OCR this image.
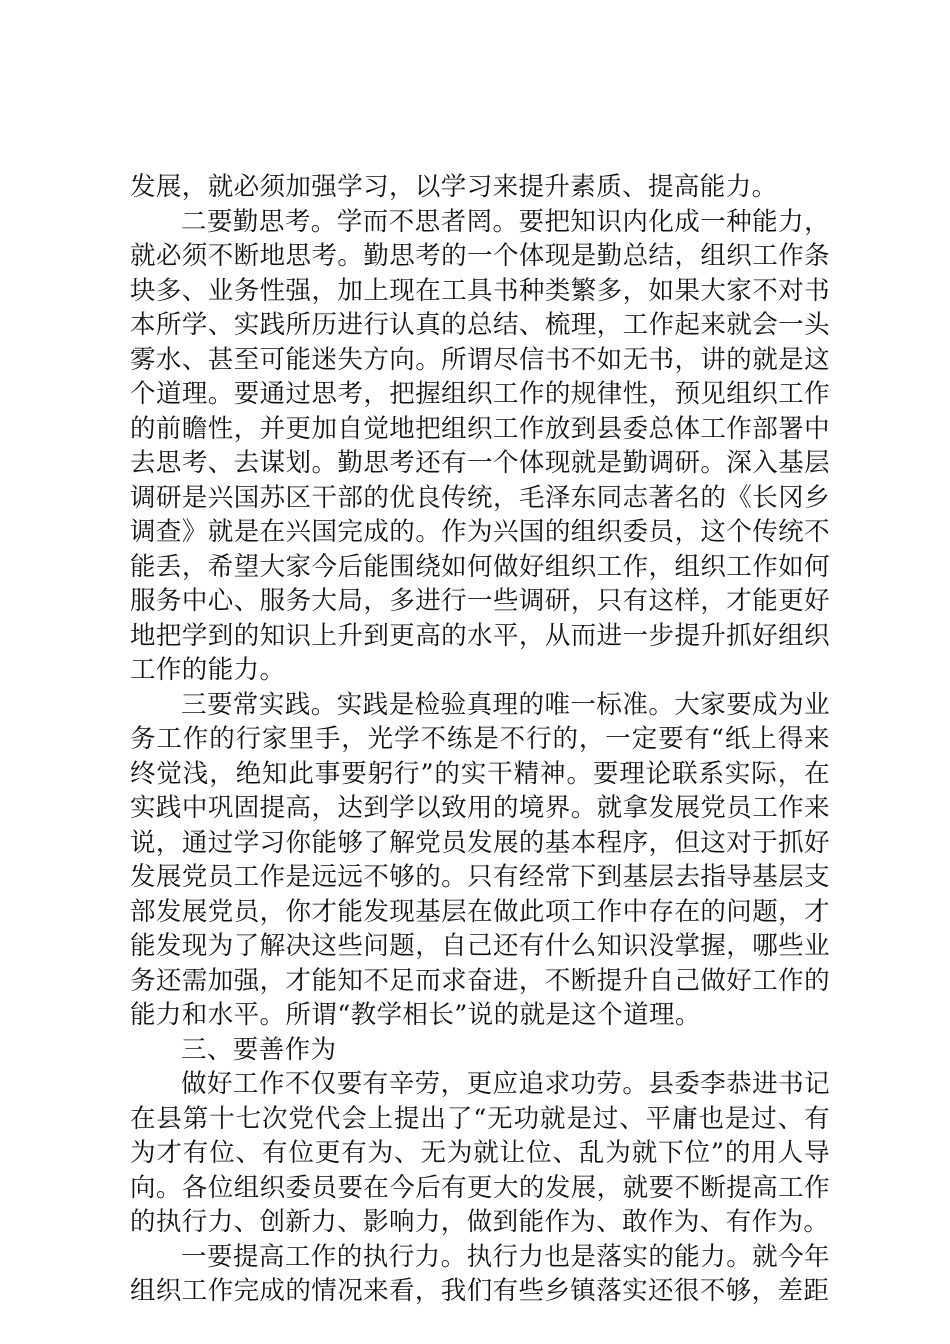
发展，就必须加强学习，以学习来提升素质、提高能力。

二要勤思考。学而不思者罔。要把知识内化成一种能力，就必须不断地思考。勤思考的一个体现是勤总结，组织工作条块多、业务性强，加上现在工具书种类繁多，如果大家不对书本所学、实践所历进行认真的总结、梳理，工作起来就会一头雾水、甚至可能迷失方向。所谓尽信书不如无书，讲的就是这个道理。要通过思考，把握组织工作的规律性，预见组织工作的前瞻性，并更加自觉地把组织工作放到县委总体工作部署中去思考、去谋划。勤思考还有一个体现就是勤调研。深入基层调研是兴国苏区干部的优良传统，毛泽东同志著名的《长冈乡调查》就是在兴国完成的。作为兴国的组织委员，这个传统不能丢，希望大家今后能围绕如何做好组织工作，组织工作如何服务中心、服务大局，多进行一些调研，只有这样，才能更好地把学到的知识上升到更高的水平，从而进一步提升抓好组织工作的能力。

三要常实践。实践是检验真理的唯一标准。大家要成为业务工作的行家里手，光学不练是不行的，一定要有“纸上得来终觉浅，绝知此事要躬行”的实干精神。要理论联系实际，在实践中巩固提高，达到学以致用的境界。就拿发展党员工作来说，通过学习你能够了解党员发展的基本程序，但这对于抓好发展党员工作是远远不够的。只有经常下到基层去指导基层支部发展党员，你才能发现基层在做此项工作中存在的问题，才能发现为了解决这些问题，自己还有什么知识没掌握，哪些业务还需加强，才能知不足而求奋进，不断提升自己做好工作的能力和水平。所谓“教学相长”说的就是这个道理。

三、要善作为

做好工作不仅要有辛劳，更应追求功劳。县委李恭进书记在县第十七次党代会上提出了“无功就是过、平庸也是过、有为才有位、有位更有为、无为就让位、乱为就下位”的用人导向。各位组织委员要在今后有更大的发展，就要不断提高工作的执行力、创新力、影响力，做到能作为、敢作为、有作为。

一要提高工作的执行力。执行力也是落实的能力。就今年组织工作完成的情况来看，我们有些乡镇落实还很不够，差距
